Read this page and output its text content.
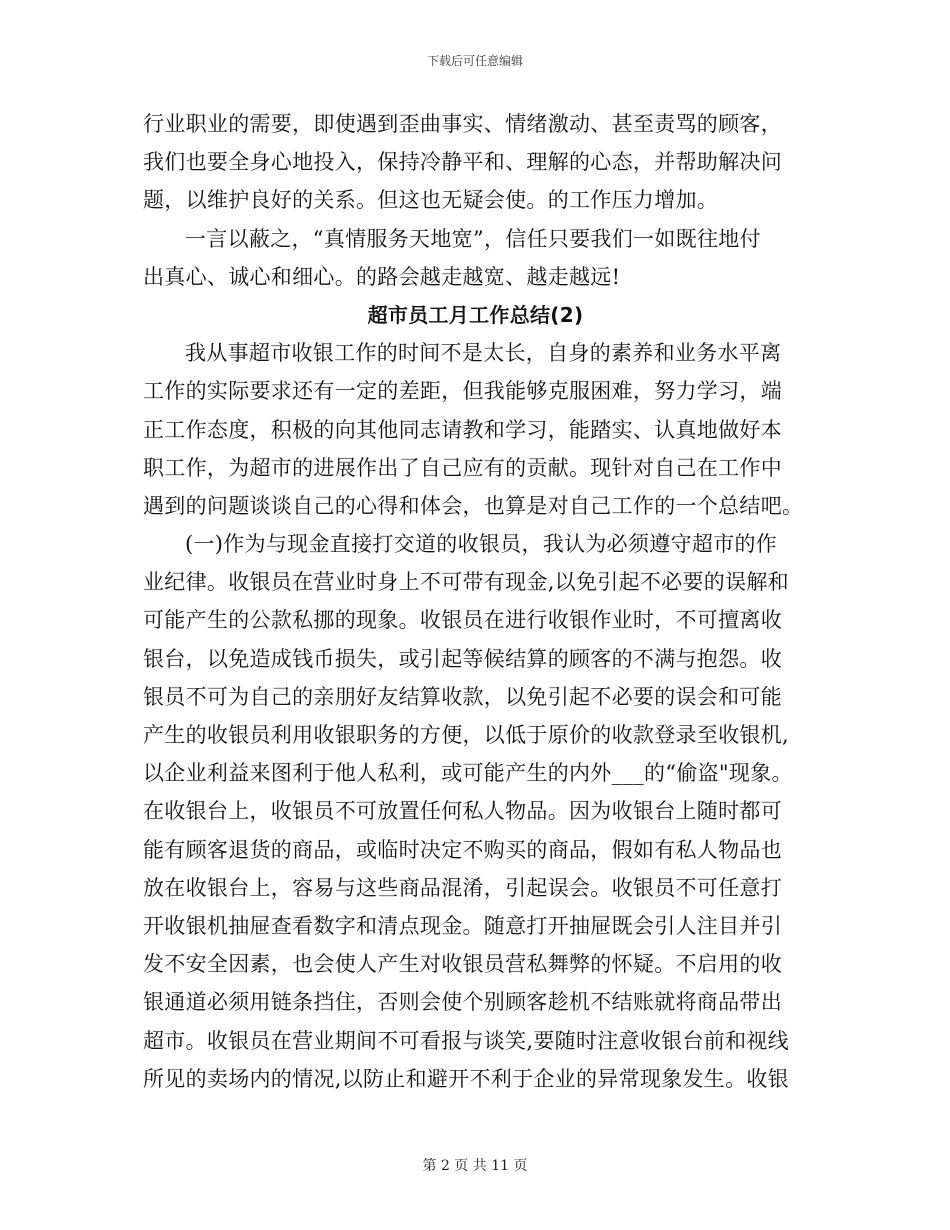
下载后可任意编辑
行业职业的需要，即使遇到歪曲事实、情绪激动、甚至责骂的顾客，
我们也要全身心地投入，保持冷静平和、理解的心态，并帮助解决问
题，以维护良好的关系。但这也无疑会使。的工作压力增加。
一言以蔽之，“真情服务天地宽”，信任只要我们一如既往地付
出真心、诚心和细心。的路会越走越宽、越走越远!
超市员工月工作总结(2)
我从事超市收银工作的时间不是太长，自身的素养和业务水平离
工作的实际要求还有一定的差距，但我能够克服困难，努力学习，端
正工作态度，积极的向其他同志请教和学习，能踏实、认真地做好本
职工作，为超市的进展作出了自己应有的贡献。现针对自己在工作中
遇到的问题谈谈自己的心得和体会，也算是对自己工作的一个总结吧。
(一)作为与现金直接打交道的收银员，我认为必须遵守超市的作
业纪律。收银员在营业时身上不可带有现金,以免引起不必要的误解和
可能产生的公款私挪的现象。收银员在进行收银作业时，不可擅离收
银台，以免造成钱币损失，或引起等候结算的顾客的不满与抱怨。收
银员不可为自己的亲朋好友结算收款，以免引起不必要的误会和可能
产生的收银员利用收银职务的方便，以低于原价的收款登录至收银机,
以企业利益来图利于他人私利，或可能产生的内外___的“偷盗"现象。
在收银台上，收银员不可放置任何私人物品。因为收银台上随时都可
能有顾客退货的商品，或临时决定不购买的商品，假如有私人物品也
放在收银台上，容易与这些商品混淆，引起误会。收银员不可任意打
开收银机抽屉查看数字和清点现金。随意打开抽屉既会引人注目并引
发不安全因素，也会使人产生对收银员营私舞弊的怀疑。不启用的收
银通道必须用链条挡住，否则会使个别顾客趁机不结账就将商品带出
超市。收银员在营业期间不可看报与谈笑,要随时注意收银台前和视线
所见的卖场内的情况,以防止和避开不利于企业的异常现象发生。收银
第 2 页 共 11 页
